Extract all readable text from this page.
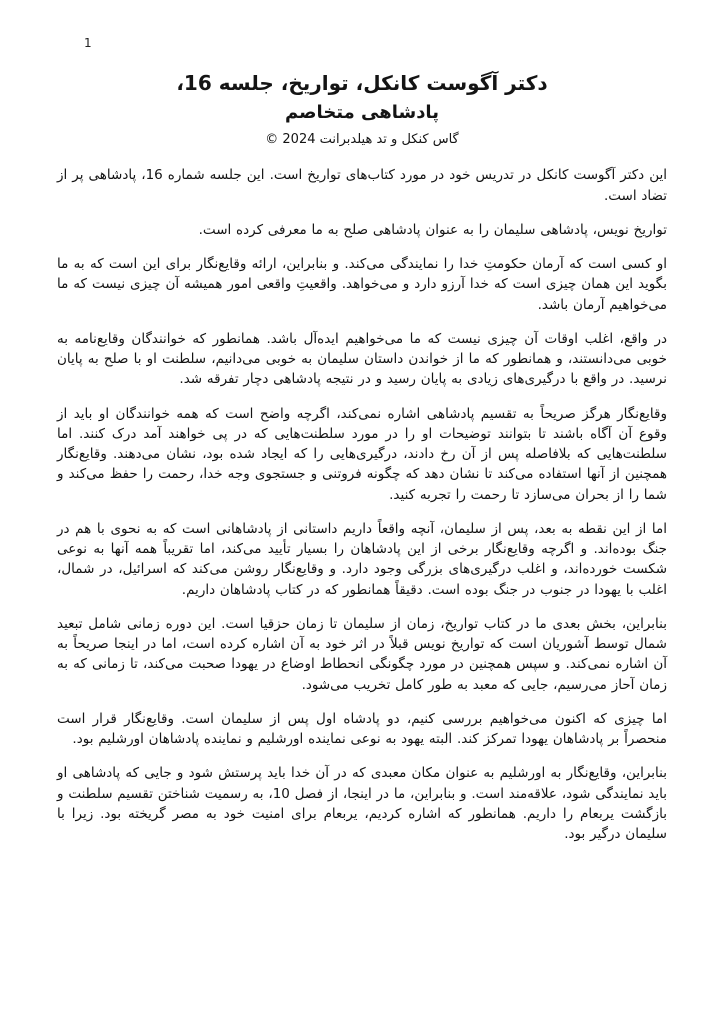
1
دکتر آگوست کانکل، تواریخ، جلسه 16،
پادشاهی متخاصم
گاس کنکل و تد هیلدبرانت 2024 ©

این دکتر آگوست کانکل در تدریس خود در مورد کتاب‌های تواریخ است. این جلسه شماره 16، پادشاهی پر از تضاد است.

تواریخ نویس، پادشاهی سلیمان را به عنوان پادشاهی صلح به ما معرفی کرده است.

او کسی است که آرمان حکومتِ خدا را نمایندگی می‌کند. و بنابراین، ارائه وقایع‌نگار برای این است که به ما بگوید این همان چیزی است که خدا آرزو دارد و می‌خواهد. واقعیتِ واقعی امور همیشه آن چیزی نیست که ما می‌خواهیم آرمان باشد.

در واقع، اغلب اوقات آن چیزی نیست که ما می‌خواهیم ایده‌آل باشد. همانطور که خوانندگان وقایع‌نامه به خوبی می‌دانستند، و همانطور که ما از خواندن داستان سلیمان به خوبی می‌دانیم، سلطنت او با صلح به پایان نرسید. در واقع با درگیری‌های زیادی به پایان رسید و در نتیجه پادشاهی دچار تفرقه شد.

وقایع‌نگار هرگز صریحاً به تقسیم پادشاهی اشاره نمی‌کند، اگرچه واضح است که همه خوانندگان او باید از وقوع آن آگاه باشند تا بتوانند توضیحات او را در مورد سلطنت‌هایی که در پی خواهند آمد درک کنند. اما سلطنت‌هایی که بلافاصله پس از آن رخ دادند، درگیری‌هایی را که ایجاد شده بود، نشان می‌دهند. وقایع‌نگار همچنین از آنها استفاده می‌کند تا نشان دهد که چگونه فروتنی و جستجوی وجه خدا، رحمت را حفظ می‌کند و شما را از بحران می‌سازد تا رحمت را تجربه کنید.

اما از این نقطه به بعد، پس از سلیمان، آنچه واقعاً داریم داستانی از پادشاهانی است که به نحوی با هم در جنگ بوده‌اند. و اگرچه وقایع‌نگار برخی از این پادشاهان را بسیار تأیید می‌کند، اما تقریباً همه آنها به نوعی شکست خورده‌اند، و اغلب درگیری‌های بزرگی وجود دارد. و وقایع‌نگار روشن می‌کند که اسرائیل، در شمال، اغلب با یهودا در جنوب در جنگ بوده است. دقیقاً همانطور که در کتاب پادشاهان داریم.

بنابراین، بخش بعدی ما در کتاب تواریخ، زمان از سلیمان تا زمان حزقیا است. این دوره زمانی شامل تبعید شمال توسط آشوریان است که تواریخ نویس قبلاً در اثر خود به آن اشاره کرده است، اما در اینجا صریحاً به آن اشاره نمی‌کند. و سپس همچنین در مورد چگونگی انحطاط اوضاع در یهودا صحبت می‌کند، تا زمانی که به زمان آحاز می‌رسیم، جایی که معبد به طور کامل تخریب می‌شود.

اما چیزی که اکنون می‌خواهیم بررسی کنیم، دو پادشاه اول پس از سلیمان است. وقایع‌نگار قرار است منحصراً بر پادشاهان یهودا تمرکز کند. البته یهود به نوعی نماینده اورشلیم و نماینده پادشاهان اورشلیم بود.

بنابراین، وقایع‌نگار به اورشلیم به عنوان مکان معبدی که در آن خدا باید پرستش شود و جایی که پادشاهی او باید نمایندگی شود، علاقه‌مند است. و بنابراین، ما در اینجا، از فصل 10، به رسمیت شناختن تقسیم سلطنت و بازگشت یربعام را داریم. همانطور که اشاره کردیم، یربعام برای امنیت خود به مصر گریخته بود. زیرا با سلیمان درگیر بود.
